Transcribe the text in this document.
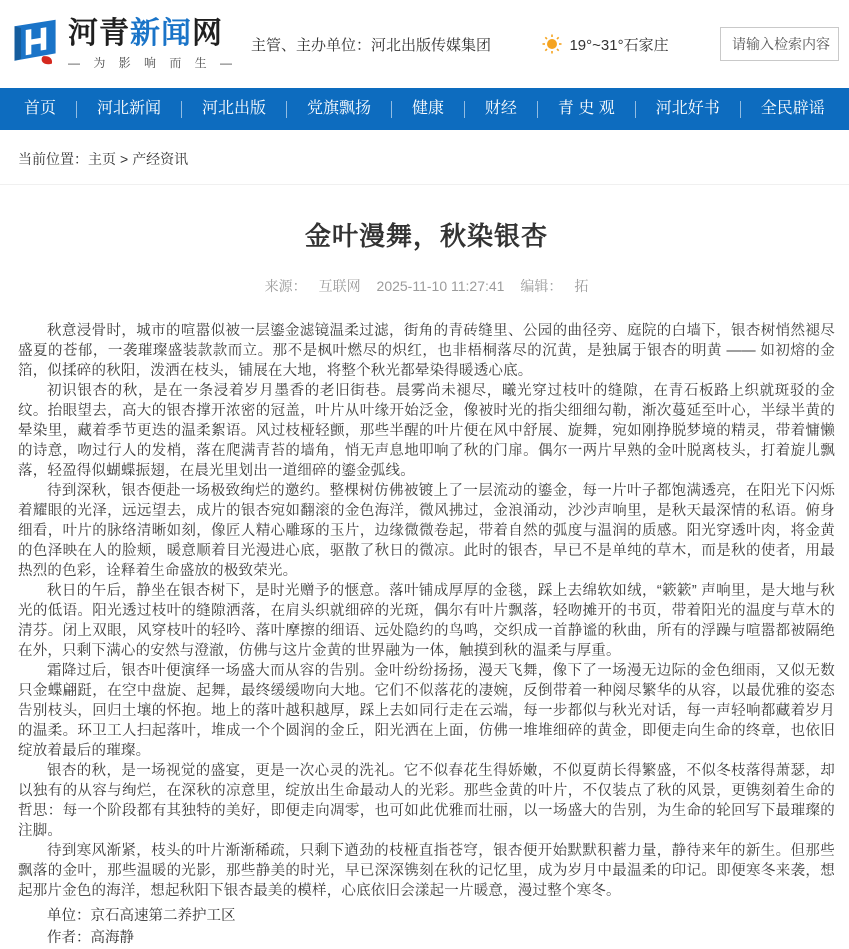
河青新闻网
— 为 影 响 而 生 —
主管、主办单位：河北出版传媒集团	19°~31°石家庄
请输入检索内容
首页	河北新闻	河北出版	党旗飘扬	健康	财经	青 史 观	河北好书	全民辟谣
当前位置：主页 > 产经资讯
金叶漫舞，秋染银杏
来源： 互联网 2025-11-10 11:27:41 编辑： 拓

秋意浸骨时，城市的喧嚣似被一层鎏金滤镜温柔过滤，街角的青砖缝里、公园的曲径旁、庭院的白墙下，银杏树悄然褪尽盛夏的苍郁，一袭璀璨盛装款款而立。那不是枫叶燃尽的炽红，也非梧桐落尽的沉黄，是独属于银杏的明黄 —— 如初熔的金箔，似揉碎的秋阳，泼洒在枝头，铺展在大地，将整个秋光都晕染得暖透心底。

初识银杏的秋，是在一条浸着岁月墨香的老旧街巷。晨雾尚未褪尽，曦光穿过枝叶的缝隙，在青石板路上织就斑驳的金纹。抬眼望去，高大的银杏撑开浓密的冠盖，叶片从叶缘开始泛金，像被时光的指尖细细勾勒，渐次蔓延至叶心，半绿半黄的晕染里，藏着季节更迭的温柔絮语。风过枝桠轻颤，那些半醒的叶片便在风中舒展、旋舞，宛如刚挣脱梦境的精灵，带着慵懒的诗意，吻过行人的发梢，落在爬满青苔的墙角，悄无声息地叩响了秋的门扉。偶尔一两片早熟的金叶脱离枝头，打着旋儿飘落，轻盈得似蝴蝶振翅，在晨光里划出一道细碎的鎏金弧线。

待到深秋，银杏便赴一场极致绚烂的邀约。整棵树仿佛被镀上了一层流动的鎏金，每一片叶子都饱满透亮，在阳光下闪烁着耀眼的光泽，远远望去，成片的银杏宛如翻滚的金色海洋，微风拂过，金浪涌动，沙沙声响里，是秋天最深情的私语。俯身细看，叶片的脉络清晰如刻，像匠人精心雕琢的玉片，边缘微微卷起，带着自然的弧度与温润的质感。阳光穿透叶肉，将金黄的色泽映在人的脸颊，暖意顺着目光漫进心底，驱散了秋日的微凉。此时的银杏，早已不是单纯的草木，而是秋的使者，用最热烈的色彩，诠释着生命盛放的极致荣光。

秋日的午后，静坐在银杏树下，是时光赠予的惬意。落叶铺成厚厚的金毯，踩上去绵软如绒，“簌簌” 声响里，是大地与秋光的低语。阳光透过枝叶的缝隙洒落，在肩头织就细碎的光斑，偶尔有叶片飘落，轻吻摊开的书页，带着阳光的温度与草木的清芬。闭上双眼，风穿枝叶的轻吟、落叶摩擦的细语、远处隐约的鸟鸣，交织成一首静谧的秋曲，所有的浮躁与喧嚣都被隔绝在外，只剩下满心的安然与澄澈，仿佛与这片金黄的世界融为一体，触摸到秋的温柔与厚重。

霜降过后，银杏叶便演绎一场盛大而从容的告别。金叶纷纷扬扬，漫天飞舞，像下了一场漫无边际的金色细雨，又似无数只金蝶翩跹，在空中盘旋、起舞，最终缓缓吻向大地。它们不似落花的凄婉，反倒带着一种阅尽繁华的从容，以最优雅的姿态告别枝头，回归土壤的怀抱。地上的落叶越积越厚，踩上去如同行走在云端，每一步都似与秋光对话，每一声轻响都藏着岁月的温柔。环卫工人扫起落叶，堆成一个个圆润的金丘，阳光洒在上面，仿佛一堆堆细碎的黄金，即便走向生命的终章，也依旧绽放着最后的璀璨。

银杏的秋，是一场视觉的盛宴，更是一次心灵的洗礼。它不似春花生得娇嫩，不似夏荫长得繁盛，不似冬枝落得萧瑟，却以独有的从容与绚烂，在深秋的凉意里，绽放出生命最动人的光彩。那些金黄的叶片，不仅装点了秋的风景，更镌刻着生命的哲思：每一个阶段都有其独特的美好，即便走向凋零，也可如此优雅而壮丽，以一场盛大的告别，为生命的轮回写下最璀璨的注脚。

待到寒风渐紧，枝头的叶片渐渐稀疏，只剩下遒劲的枝桠直指苍穹，银杏便开始默默积蓄力量，静待来年的新生。但那些飘落的金叶，那些温暖的光影，那些静美的时光，早已深深镌刻在秋的记忆里，成为岁月中最温柔的印记。即便寒冬来袭，想起那片金色的海洋，想起秋阳下银杏最美的模样，心底依旧会漾起一片暖意，漫过整个寒冬。

单位：京石高速第二养护工区
作者：高海静
